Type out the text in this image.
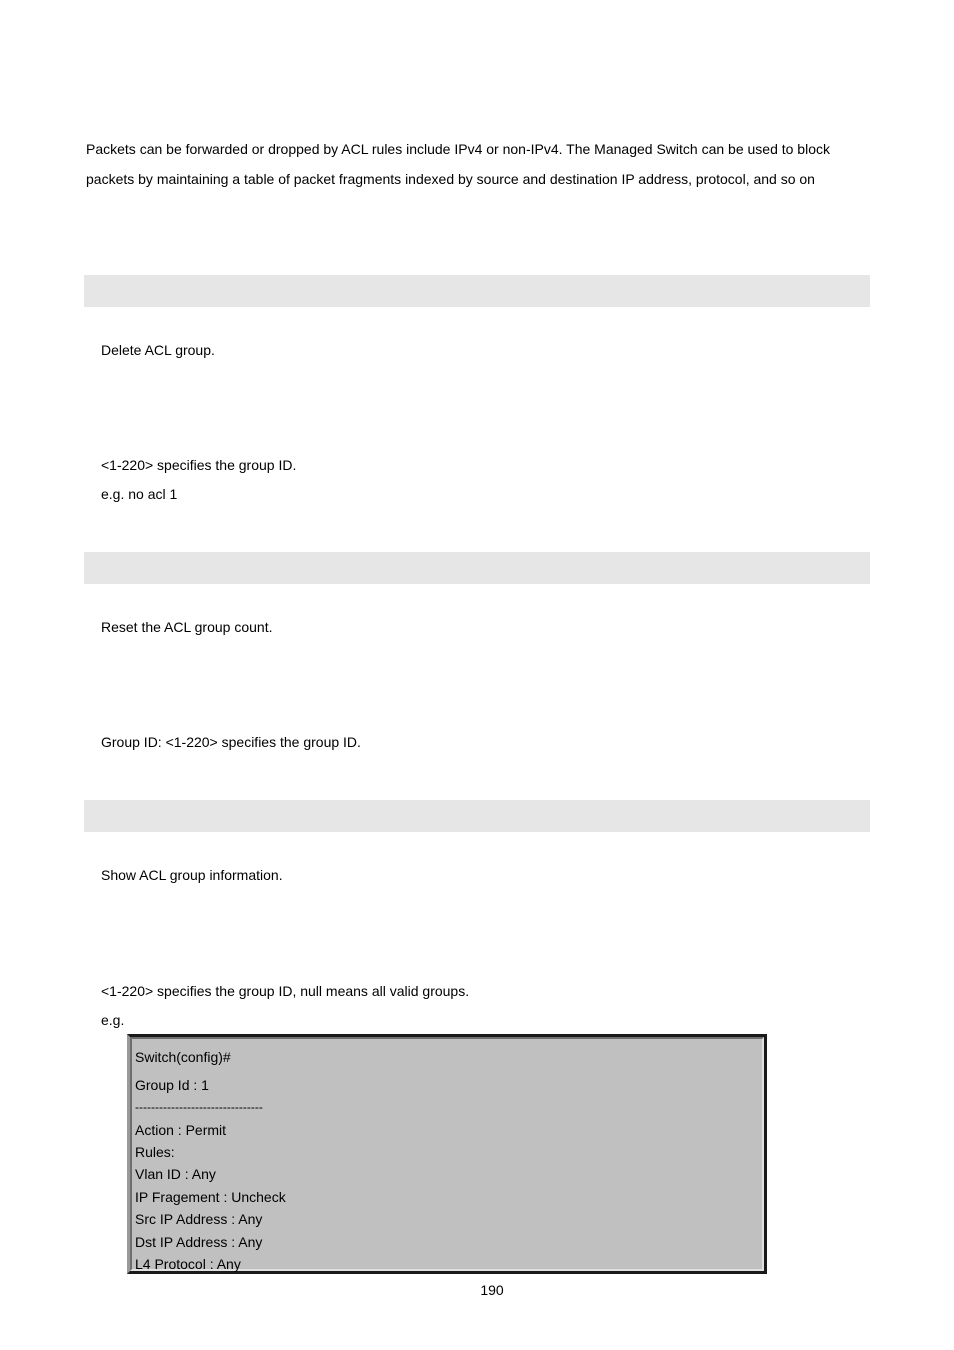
Packets can be forwarded or dropped by ACL rules include IPv4 or non-IPv4. The Managed Switch can be used to block
packets by maintaining a table of packet fragments indexed by source and destination IP address, protocol, and so on
Delete ACL group.
<1-220> specifies the group ID.
e.g. no acl 1
Reset the ACL group count.
Group ID: <1-220> specifies the group ID.
Show ACL group information.
<1-220> specifies the group ID, null means all valid groups.
e.g.
Switch(config)#
Group Id : 1
--------------------------------
Action : Permit
Rules:
Vlan ID : Any
IP Fragement : Uncheck
Src IP Address : Any
Dst IP Address : Any
L4 Protocol : Any
190
